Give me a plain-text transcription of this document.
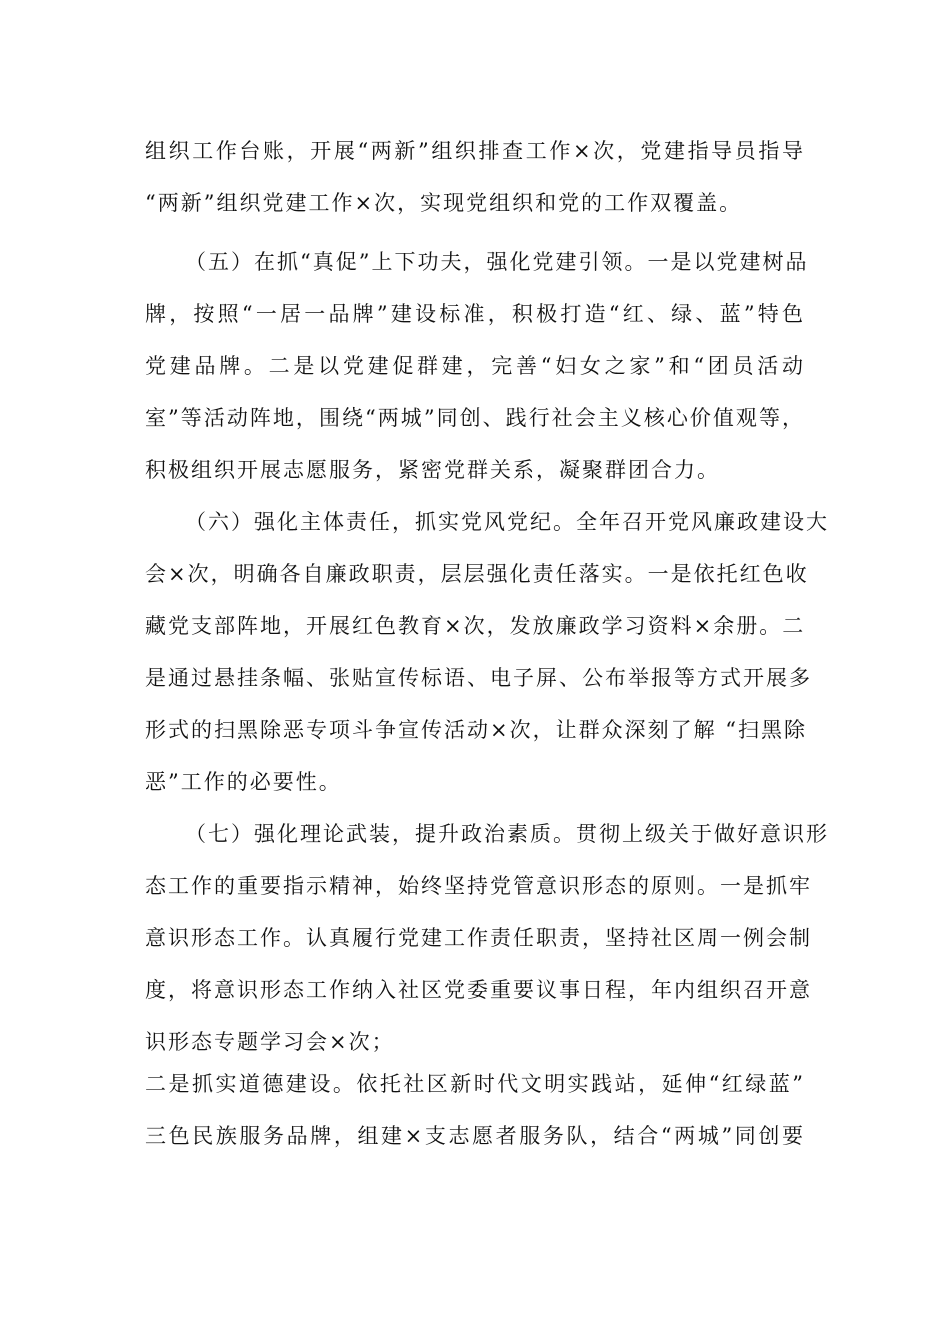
组织工作台账，开展“两新”组织排查工作×次，党建指导员指导
“两新”组织党建工作×次，实现党组织和党的工作双覆盖。
（五）在抓“真促”上下功夫，强化党建引领。一是以党建树品
牌，按照“一居一品牌”建设标准，积极打造“红、绿、蓝”特色
党建品牌。二是以党建促群建，完善“妇女之家”和“团员活动
室”等活动阵地，围绕“两城”同创、践行社会主义核心价值观等，
积极组织开展志愿服务，紧密党群关系，凝聚群团合力。
（六）强化主体责任，抓实党风党纪。全年召开党风廉政建设大
会×次，明确各自廉政职责，层层强化责任落实。一是依托红色收
藏党支部阵地，开展红色教育×次，发放廉政学习资料×余册。二
是通过悬挂条幅、张贴宣传标语、电子屏、公布举报等方式开展多
形式的扫黑除恶专项斗争宣传活动×次，让群众深刻了解 “扫黑除
恶”工作的必要性。
（七）强化理论武装，提升政治素质。贯彻上级关于做好意识形
态工作的重要指示精神，始终坚持党管意识形态的原则。一是抓牢
意识形态工作。认真履行党建工作责任职责，坚持社区周一例会制
度，将意识形态工作纳入社区党委重要议事日程，年内组织召开意
识形态专题学习会×次；
二是抓实道德建设。依托社区新时代文明实践站，延伸“红绿蓝”
三色民族服务品牌，组建×支志愿者服务队，结合“两城”同创要
